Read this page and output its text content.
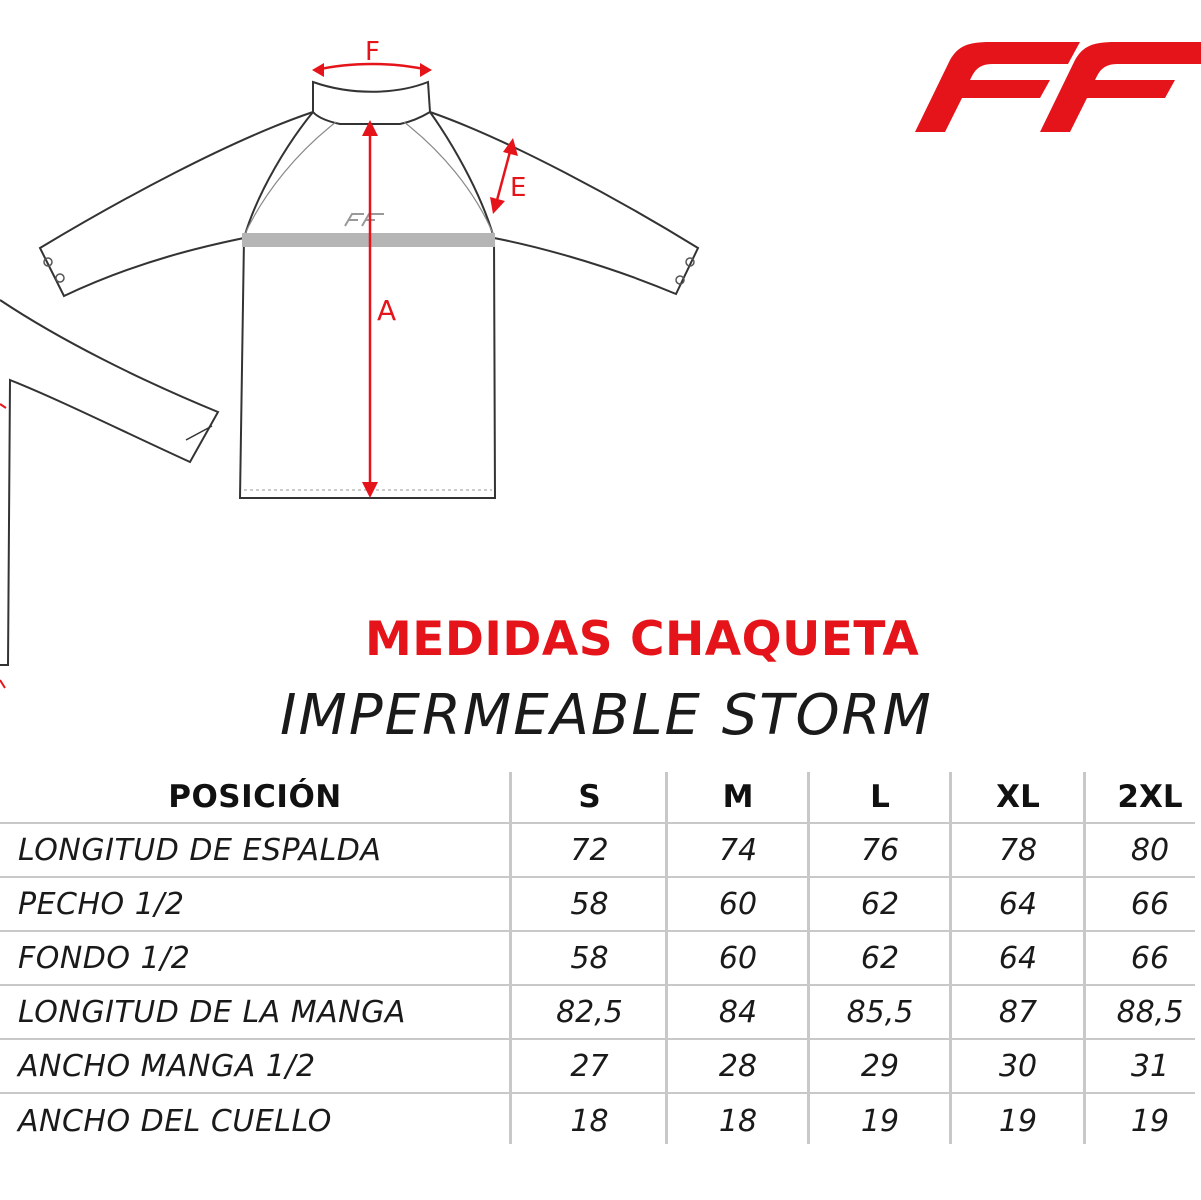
F
A
E
MEDIDAS CHAQUETA
IMPERMEABLE STORM
POSICIÓN	S	M	L	XL	2XL
LONGITUD DE ESPALDA	72	74	76	78	80
PECHO 1/2	58	60	62	64	66
FONDO 1/2	58	60	62	64	66
LONGITUD DE LA MANGA	82,5	84	85,5	87	88,5
ANCHO MANGA 1/2	27	28	29	30	31
ANCHO DEL CUELLO	18	18	19	19	19
